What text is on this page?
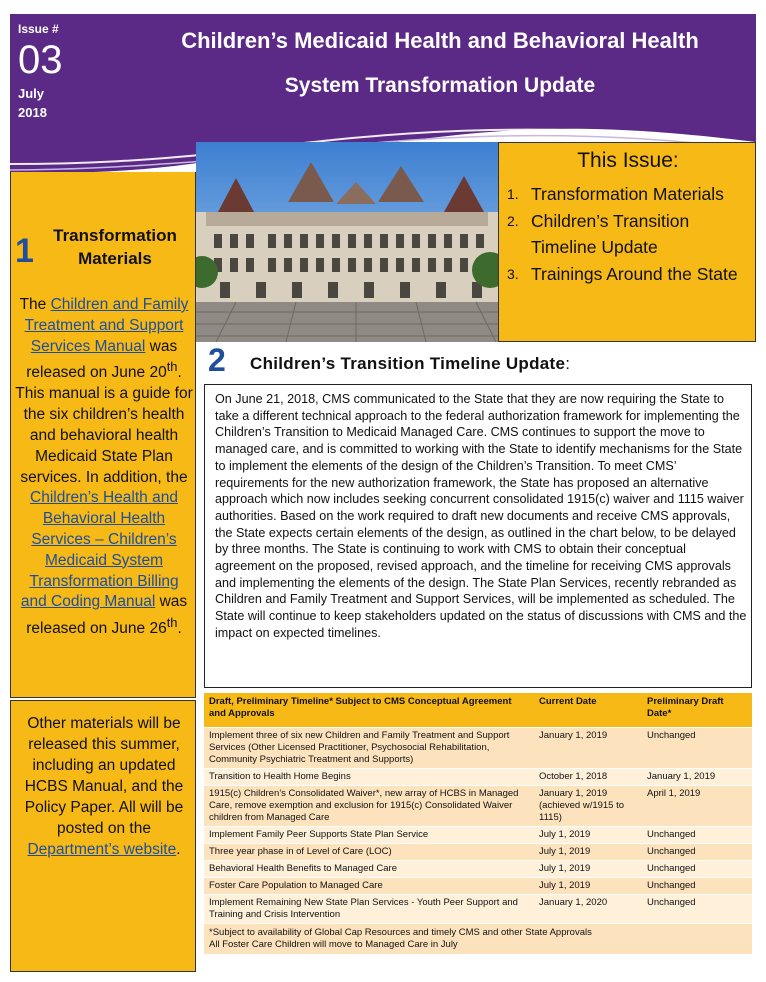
Issue #
03
July
2018
Children’s Medicaid Health and Behavioral Health
System Transformation Update
This Issue:
1. Transformation Materials
2. Children’s Transition Timeline Update
3. Trainings Around the State
1	Transformation Materials
The Children and Family Treatment and Support Services Manual was released on June 20th. This manual is a guide for the six children’s health and behavioral health Medicaid State Plan services. In addition, the Children’s Health and Behavioral Health Services – Children’s Medicaid System Transformation Billing and Coding Manual was released on June 26th.
Other materials will be released this summer, including an updated HCBS Manual, and the Policy Paper. All will be posted on the Department’s website.
2 Children’s Transition Timeline Update:
On June 21, 2018, CMS communicated to the State that they are now requiring the State to take a different technical approach to the federal authorization framework for implementing the Children’s Transition to Medicaid Managed Care. CMS continues to support the move to managed care, and is committed to working with the State to identify mechanisms for the State to implement the elements of the design of the Children’s Transition. To meet CMS’ requirements for the new authorization framework, the State has proposed an alternative approach which now includes seeking concurrent consolidated 1915(c) waiver and 1115 waiver authorities. Based on the work required to draft new documents and receive CMS approvals, the State expects certain elements of the design, as outlined in the chart below, to be delayed by three months. The State is continuing to work with CMS to obtain their conceptual agreement on the proposed, revised approach, and the timeline for receiving CMS approvals and implementing the elements of the design. The State Plan Services, recently rebranded as Children and Family Treatment and Support Services, will be implemented as scheduled. The State will continue to keep stakeholders updated on the status of discussions with CMS and the impact on expected timelines.
Draft, Preliminary Timeline* Subject to CMS Conceptual Agreement and Approvals	Current Date	Preliminary Draft Date*
Implement three of six new Children and Family Treatment and Support Services (Other Licensed Practitioner, Psychosocial Rehabilitation, Community Psychiatric Treatment and Supports)	January 1, 2019	Unchanged
Transition to Health Home Begins	October 1, 2018	January 1, 2019
1915(c) Children’s Consolidated Waiver*, new array of HCBS in Managed Care, remove exemption and exclusion for 1915(c) Consolidated Waiver children from Managed Care	January 1, 2019 (achieved w/1915 to 1115)	April 1, 2019
Implement Family Peer Supports State Plan Service	July 1, 2019	Unchanged
Three year phase in of Level of Care (LOC)	July 1, 2019	Unchanged
Behavioral Health Benefits to Managed Care	July 1, 2019	Unchanged
Foster Care Population to Managed Care	July 1, 2019	Unchanged
Implement Remaining New State Plan Services - Youth Peer Support and Training and Crisis Intervention	January 1, 2020	Unchanged

*Subject to availability of Global Cap Resources and timely CMS and other State Approvals
All Foster Care Children will move to Managed Care in July		
